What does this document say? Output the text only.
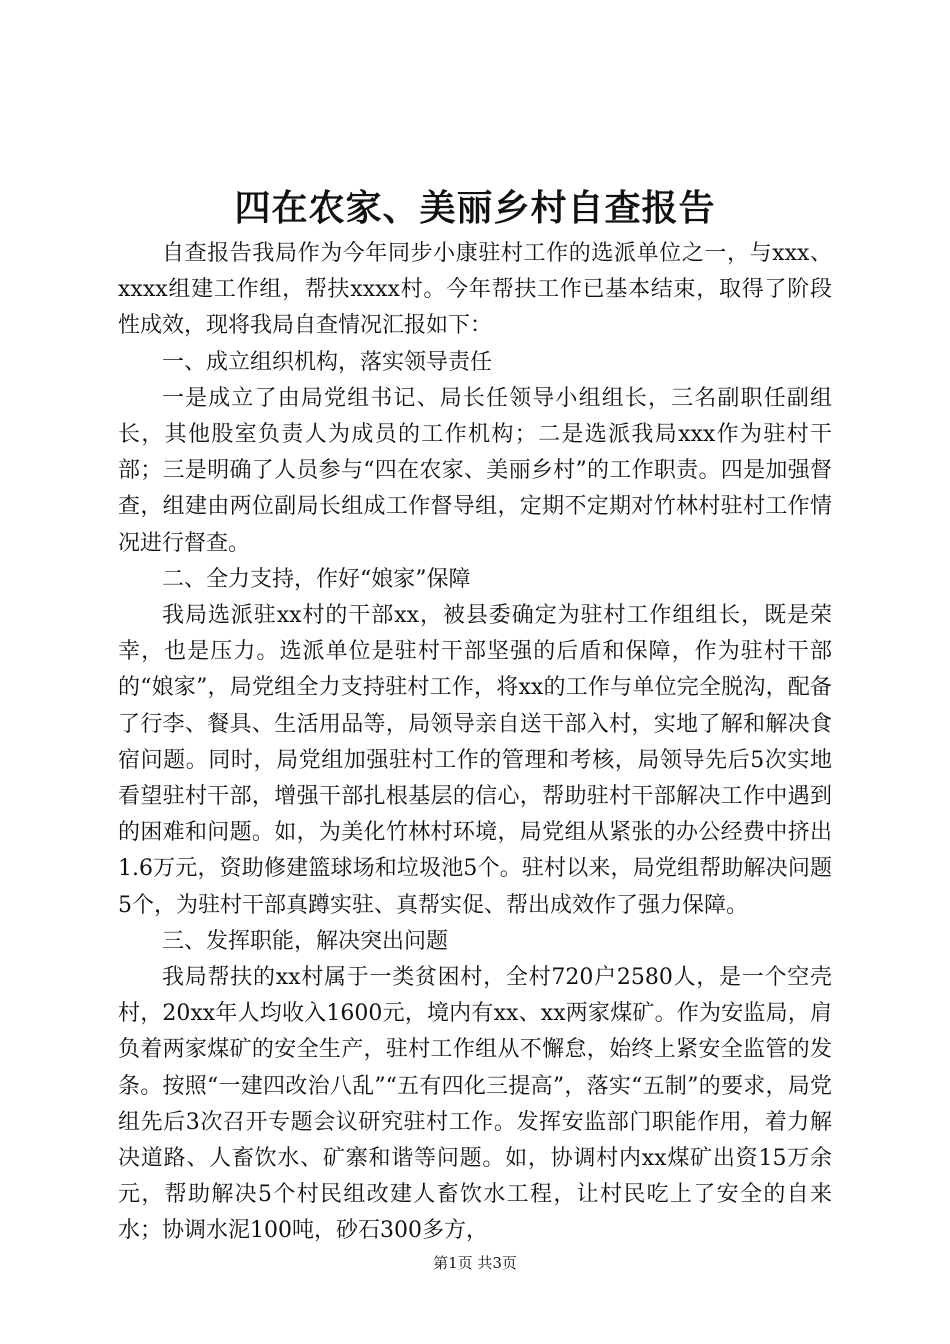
四在农家、美丽乡村自查报告

自查报告我局作为今年同步小康驻村工作的选派单位之一，与xxx、xxxx组建工作组，帮扶xxxx村。今年帮扶工作已基本结束，取得了阶段性成效，现将我局自查情况汇报如下：

一、成立组织机构，落实领导责任

一是成立了由局党组书记、局长任领导小组组长，三名副职任副组长，其他股室负责人为成员的工作机构；二是选派我局xxx作为驻村干部；三是明确了人员参与“四在农家、美丽乡村”的工作职责。四是加强督查，组建由两位副局长组成工作督导组，定期不定期对竹林村驻村工作情况进行督查。

二、全力支持，作好“娘家”保障

我局选派驻xx村的干部xx，被县委确定为驻村工作组组长，既是荣幸，也是压力。选派单位是驻村干部坚强的后盾和保障，作为驻村干部的“娘家”，局党组全力支持驻村工作，将xx的工作与单位完全脱沟，配备了行李、餐具、生活用品等，局领导亲自送干部入村，实地了解和解决食宿问题。同时，局党组加强驻村工作的管理和考核，局领导先后5次实地看望驻村干部，增强干部扎根基层的信心，帮助驻村干部解决工作中遇到的困难和问题。如，为美化竹林村环境，局党组从紧张的办公经费中挤出1.6万元，资助修建篮球场和垃圾池5个。驻村以来，局党组帮助解决问题5个，为驻村干部真蹲实驻、真帮实促、帮出成效作了强力保障。

三、发挥职能，解决突出问题

我局帮扶的xx村属于一类贫困村，全村720户2580人，是一个空壳村，20xx年人均收入1600元，境内有xx、xx两家煤矿。作为安监局，肩负着两家煤矿的安全生产，驻村工作组从不懈怠，始终上紧安全监管的发条。按照“一建四改治八乱”“五有四化三提高”，落实“五制”的要求，局党组先后3次召开专题会议研究驻村工作。发挥安监部门职能作用，着力解决道路、人畜饮水、矿寨和谐等问题。如，协调村内xx煤矿出资15万余元，帮助解决5个村民组改建人畜饮水工程，让村民吃上了安全的自来水；协调水泥100吨，砂石300多方，

第1页 共3页
